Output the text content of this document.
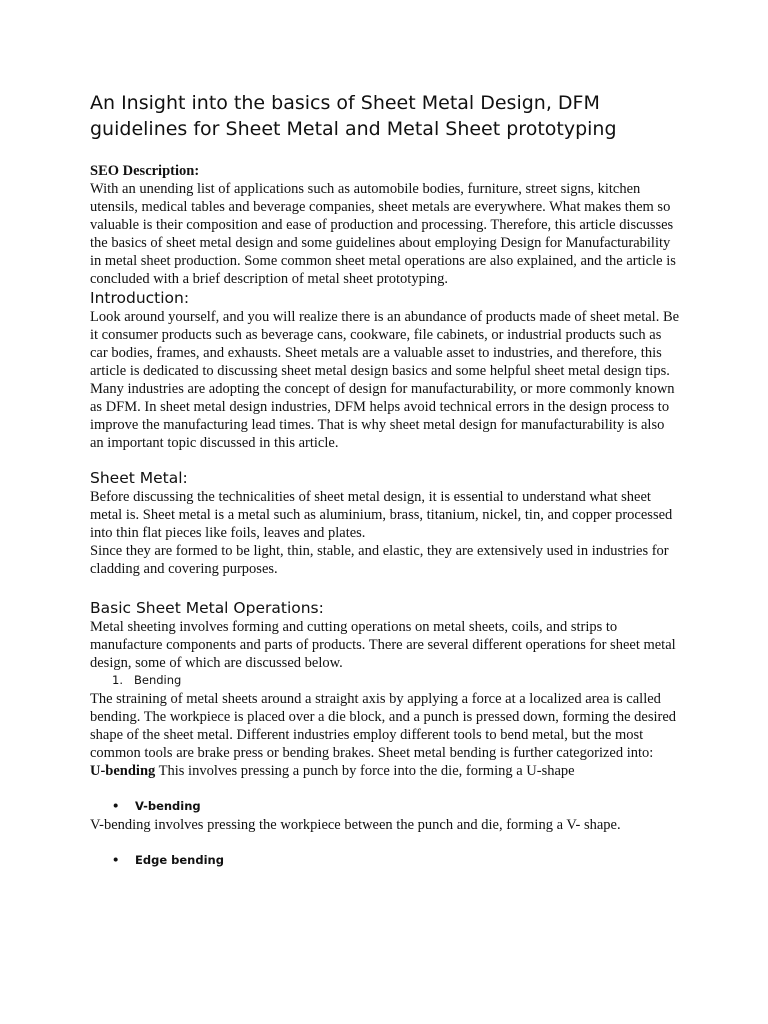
An Insight into the basics of Sheet Metal Design, DFM guidelines for Sheet Metal and Metal Sheet prototyping

SEO Description:

With an unending list of applications such as automobile bodies, furniture, street signs, kitchen utensils, medical tables and beverage companies, sheet metals are everywhere. What makes them so valuable is their composition and ease of production and processing. Therefore, this article discusses the basics of sheet metal design and some guidelines about employing Design for Manufacturability in metal sheet production. Some common sheet metal operations are also explained, and the article is concluded with a brief description of metal sheet prototyping.

Introduction:

Look around yourself, and you will realize there is an abundance of products made of sheet metal. Be it consumer products such as beverage cans, cookware, file cabinets, or industrial products such as car bodies, frames, and exhausts. Sheet metals are a valuable asset to industries, and therefore, this article is dedicated to discussing sheet metal design basics and some helpful sheet metal design tips.

Many industries are adopting the concept of design for manufacturability, or more commonly known as DFM. In sheet metal design industries, DFM helps avoid technical errors in the design process to improve the manufacturing lead times. That is why sheet metal design for manufacturability is also an important topic discussed in this article.

Sheet Metal:

Before discussing the technicalities of sheet metal design, it is essential to understand what sheet metal is. Sheet metal is a metal such as aluminium, brass, titanium, nickel, tin, and copper processed into thin flat pieces like foils, leaves and plates.

Since they are formed to be light, thin, stable, and elastic, they are extensively used in industries for cladding and covering purposes.

Basic Sheet Metal Operations:

Metal sheeting involves forming and cutting operations on metal sheets, coils, and strips to manufacture components and parts of products. There are several different operations for sheet metal design, some of which are discussed below.

1. Bending

The straining of metal sheets around a straight axis by applying a force at a localized area is called bending. The workpiece is placed over a die block, and a punch is pressed down, forming the desired shape of the sheet metal. Different industries employ different tools to bend metal, but the most common tools are brake press or bending brakes. Sheet metal bending is further categorized into:

U-bending This involves pressing a punch by force into the die, forming a U-shape

• V-bending

V-bending involves pressing the workpiece between the punch and die, forming a V- shape.

• Edge bending
